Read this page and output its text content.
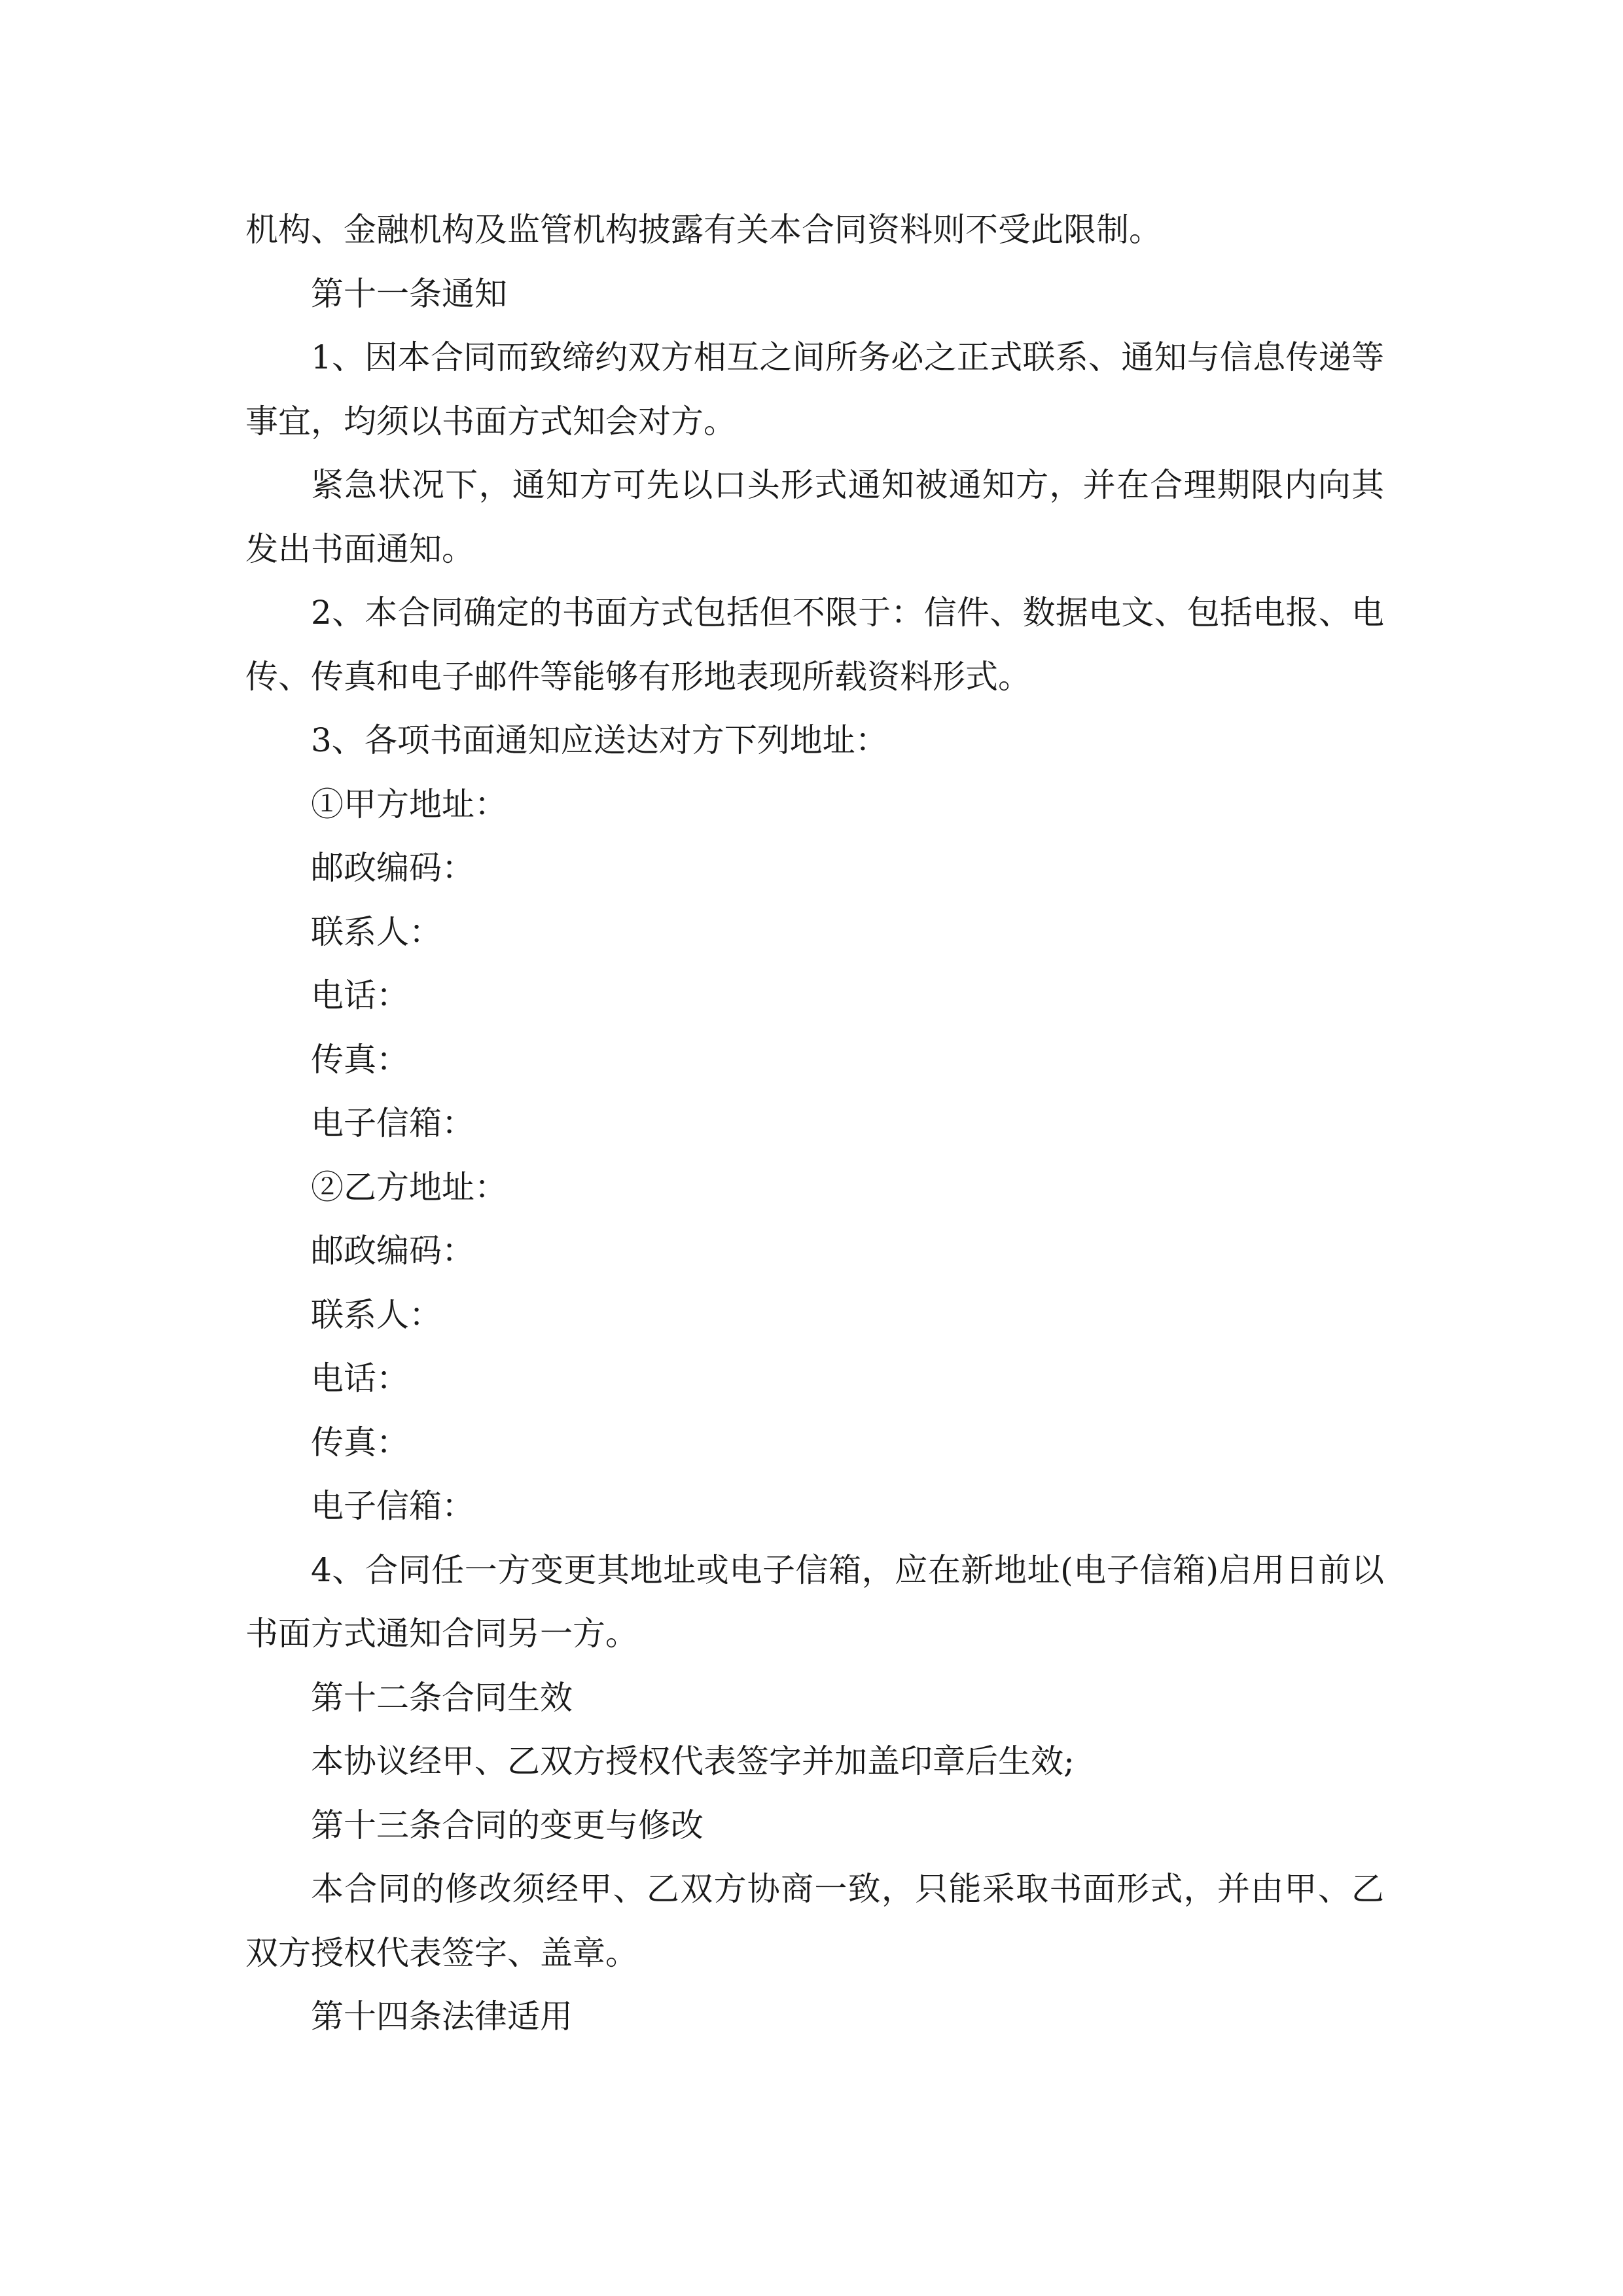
机构、金融机构及监管机构披露有关本合同资料则不受此限制。

第十一条通知

1、因本合同而致缔约双方相互之间所务必之正式联系、通知与信息传递等事宜，均须以书面方式知会对方。

紧急状况下，通知方可先以口头形式通知被通知方，并在合理期限内向其发出书面通知。

2、本合同确定的书面方式包括但不限于：信件、数据电文、包括电报、电传、传真和电子邮件等能够有形地表现所载资料形式。

3、各项书面通知应送达对方下列地址：

①甲方地址：

邮政编码：

联系人：

电话：

传真：

电子信箱：

②乙方地址：

邮政编码：

联系人：

电话：

传真：

电子信箱：

4、合同任一方变更其地址或电子信箱，应在新地址(电子信箱)启用日前以书面方式通知合同另一方。

第十二条合同生效

本协议经甲、乙双方授权代表签字并加盖印章后生效;

第十三条合同的变更与修改

本合同的修改须经甲、乙双方协商一致，只能采取书面形式，并由甲、乙双方授权代表签字、盖章。

第十四条法律适用
